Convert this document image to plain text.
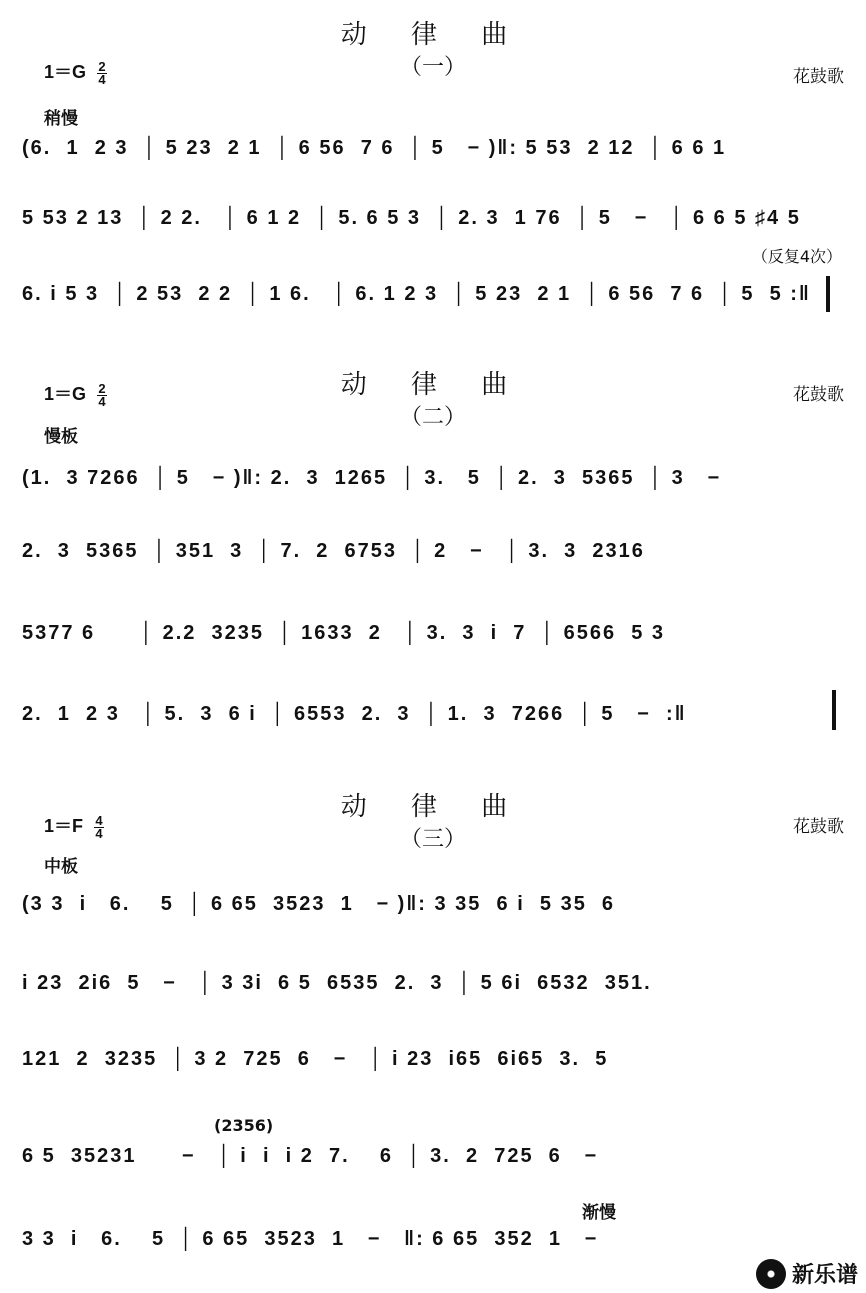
动 律 曲
（一）
$1=G \frac{2}{4}$	花鼓歌
稍慢
(6.  1  2 3  │ 5 23  2 1  │ 6 56  7 6  │ 5   − )‖: 5 53  2 12  │ 6 6 1
5 53 2 13  │ 2 2.   │ 6 1 2  │ 5. 6 5 3  │ 2. 3  1 76  │ 5   −   │ 6 6 5 ♯4 5
（反复4次）
6. i 5 3  │ 2 53  2 2  │ 1 6.   │ 6. 1 2 3  │ 5 23  2 1  │ 6 56  7 6  │ 5  5 :‖
动 律 曲
（二）
$1=G \frac{2}{4}$	花鼓歌
慢板
(1.  3 7266  │ 5   − )‖: 2.  3  1265  │ 3.   5  │ 2.  3  5365  │ 3   −
2.  3  5365  │ 351  3  │ 7.  2  6753  │ 2   −   │ 3.  3  2316
5377 6      │ 2.2  3235  │ 1633  2   │ 3.  3  i  7  │ 6566  5 3
2.  1  2 3   │ 5.  3  6 i  │ 6553  2.  3  │ 1.  3  7266  │ 5   −  :‖
动 律 曲
（三）
$1=F \frac{4}{4}$	花鼓歌
中板
(3 3  i   6.    5  │ 6 65  3523  1   − )‖: 3 35  6 i  5 35  6
i 23  2i6  5   −   │ 3 3i  6 5  6535  2.  3  │ 5 6i  6532  351.
121  2  3235  │ 3 2  725  6   −   │ i 23  i65  6i65  3.  5
(2356)
6 5  35231      −   │ i  i  i 2  7.    6  │ 3.  2  725  6   −
渐慢
3 3  i   6.    5  │ 6 65  3523  1   −   ‖: 6 65  352  1   −
新乐谱
